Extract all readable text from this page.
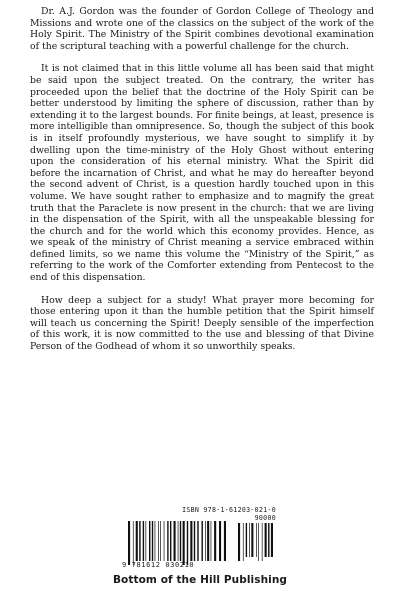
Dr. A.J. Gordon was the founder of Gordon College of Theology and Missions and wrote one of the classics on the subject of the work of the Holy Spirit. The Ministry of the Spirit combines devotional examination of the scriptural teaching with a powerful challenge for the church.

It is not claimed that in this little volume all has been said that might be said upon the subject treated. On the contrary, the writer has proceeded upon the belief that the doctrine of the Holy Spirit can be better understood by limiting the sphere of discussion, rather than by extending it to the largest bounds. For finite beings, at least, presence is more intelligible than omnipresence. So, though the subject of this book is in itself profoundly mysterious, we have sought to simplify it by dwelling upon the time-ministry of the Holy Ghost without entering upon the consideration of his eternal ministry. What the Spirit did before the incarnation of Christ, and what he may do hereafter beyond the second advent of Christ, is a question hardly touched upon in this volume. We have sought rather to emphasize and to magnify the great truth that the Paraclete is now present in the church: that we are living in the dispensation of the Spirit, with all the unspeakable blessing for the church and for the world which this economy provides. Hence, as we speak of the ministry of Christ meaning a service embraced within defined limits, so we name this volume the “Ministry of the Spirit,” as referring to the work of the Comforter extending from Pentecost to the end of this dispensation.

How deep a subject for a study! What prayer more becoming for those entering upon it than the humble petition that the Spirit himself will teach us concerning the Spirit! Deeply sensible of the imperfection of this work, it is now committed to the use and blessing of that Divine Person of the Godhead of whom it so unworthily speaks.

ISBN 978-1-61203-021-0
90000
9 781612 030210
Bottom of the Hill Publishing
